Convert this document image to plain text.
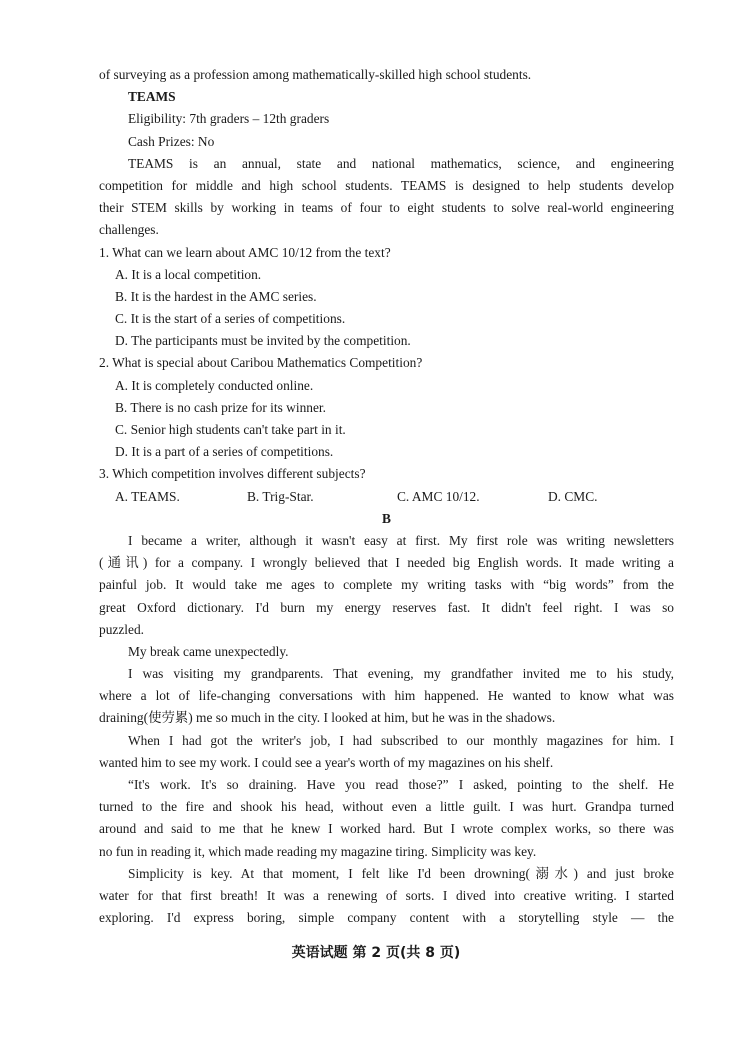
of surveying as a profession among mathematically-skilled high school students.
TEAMS
Eligibility: 7th graders – 12th graders
Cash Prizes: No
TEAMS is an annual, state and national mathematics, science, and engineering
competition for middle and high school students. TEAMS is designed to help students develop
their STEM skills by working in teams of four to eight students to solve real-world engineering
challenges.
1. What can we learn about AMC 10/12 from the text?
A. It is a local competition.
B. It is the hardest in the AMC series.
C. It is the start of a series of competitions.
D. The participants must be invited by the competition.
2. What is special about Caribou Mathematics Competition?
A. It is completely conducted online.
B. There is no cash prize for its winner.
C. Senior high students can't take part in it.
D. It is a part of a series of competitions.
3. Which competition involves different subjects?
A. TEAMS.	B. Trig-Star.	C. AMC 10/12.	D. CMC.
B
I became a writer, although it wasn't easy at first. My first role was writing newsletters
(通讯) for a company. I wrongly believed that I needed big English words. It made writing a
painful job. It would take me ages to complete my writing tasks with “big words” from the
great Oxford dictionary. I'd burn my energy reserves fast. It didn't feel right. I was so
puzzled.
My break came unexpectedly.
I was visiting my grandparents. That evening, my grandfather invited me to his study,
where a lot of life-changing conversations with him happened. He wanted to know what was
draining(使劳累) me so much in the city. I looked at him, but he was in the shadows.
When I had got the writer's job, I had subscribed to our monthly magazines for him. I
wanted him to see my work. I could see a year's worth of my magazines on his shelf.
“It's work. It's so draining. Have you read those?” I asked, pointing to the shelf. He
turned to the fire and shook his head, without even a little guilt. I was hurt. Grandpa turned
around and said to me that he knew I worked hard. But I wrote complex works, so there was
no fun in reading it, which made reading my magazine tiring. Simplicity was key.
Simplicity is key. At that moment, I felt like I'd been drowning(溺水) and just broke
water for that first breath! It was a renewing of sorts. I dived into creative writing. I started
exploring. I'd express boring, simple company content with a storytelling style — the
英语试题 第 2 页(共 8 页)
